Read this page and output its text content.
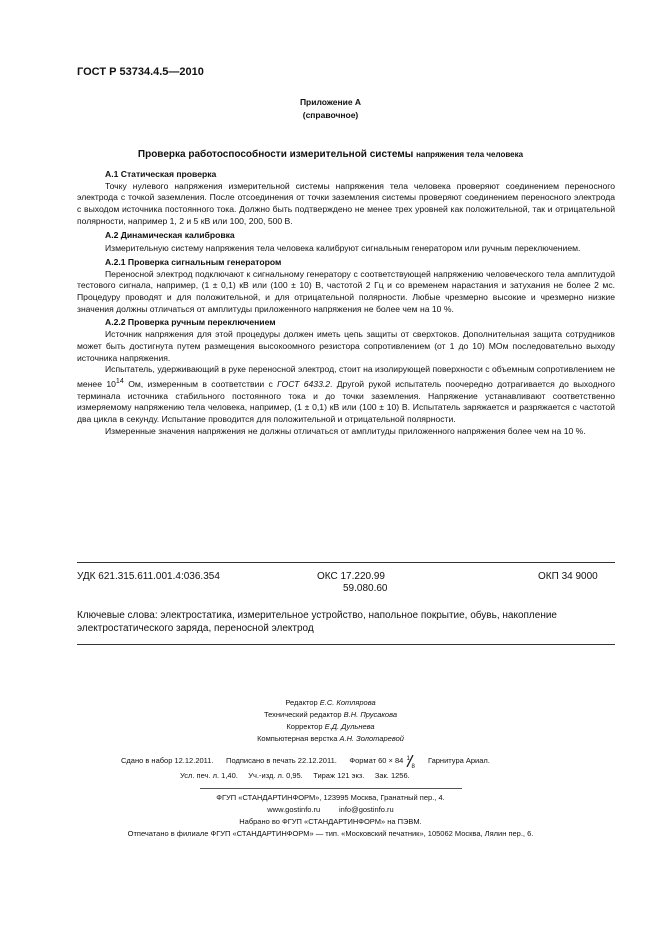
ГОСТ Р 53734.4.5—2010
Приложение А
(справочное)
Проверка работоспособности измерительной системы напряжения тела человека

А.1 Статическая проверка

Точку нулевого напряжения измерительной системы напряжения тела человека проверяют соединением переносного электрода с точкой заземления. После отсоединения от точки заземления системы проверяют соединением переносного электрода с выходом источника постоянного тока. Должно быть подтверждено не менее трех уровней как положительной, так и отрицательной полярности, например 1, 2 и 5 кВ или 100, 200, 500 В.

А.2 Динамическая калибровка

Измерительную систему напряжения тела человека калибруют сигнальным генератором или ручным переключением.

А.2.1 Проверка сигнальным генератором

Переносной электрод подключают к сигнальному генератору с соответствующей напряжению человеческого тела амплитудой тестового сигнала, например, (1 ± 0,1) кВ или (100 ± 10) В, частотой 2 Гц и со временем нарастания и затухания не более 2 мс. Процедуру проводят и для положительной, и для отрицательной полярности. Любые чрезмерно высокие и чрезмерно низкие значения должны отличаться от амплитуды приложенного напряжения не более чем на 10 %.

А.2.2 Проверка ручным переключением

Источник напряжения для этой процедуры должен иметь цепь защиты от сверхтоков. Дополнительная защита сотрудников может быть достигнута путем размещения высокоомного резистора сопротивлением (от 1 до 10) МОм последовательно выходу источника напряжения.

Испытатель, удерживающий в руке переносной электрод, стоит на изолирующей поверхности с объемным сопротивлением не менее $10^{14}$ Ом, измеренным в соответствии с ГОСТ 6433.2. Другой рукой испытатель поочередно дотрагивается до выходного терминала источника стабильного постоянного тока и до точки заземления. Напряжение устанавливают соответственно измеряемому напряжению тела человека, например, (1 ± 0,1) кВ или (100 ± 10) В. Испытатель заряжается и разряжается с частотой два цикла в секунду. Испытание проводится для положительной и отрицательной полярности.

Измеренные значения напряжения не должны отличаться от амплитуды приложенного напряжения более чем на 10 %.

УДК 621.315.611.001.4:036.354	ОКС 17.220.99
59.080.60
ОКП 34 9000
Ключевые слова: электростатика, измерительное устройство, напольное покрытие, обувь, накопление электростатического заряда, переносной электрод
Редактор Е.С. Котлярова
Технический редактор В.Н. Прусакова
Корректор Е.Д. Дульнева
Компьютерная верстка А.Н. Золотаревой
Сдано в набор 12.12.2011. Подписано в печать 22.12.2011. Формат 60 × 84 1
8
Гарнитура Ариал.
Усл. печ. л. 1,40. Уч.-изд. л. 0,95. Тираж 121 экз. Зак. 1256.
ФГУП «СТАНДАРТИНФОРМ», 123995 Москва, Гранатный пер., 4.
www.gostinfo.ru	info@gostinfo.ru
Набрано во ФГУП «СТАНДАРТИНФОРМ» на ПЭВМ.
Отпечатано в филиале ФГУП «СТАНДАРТИНФОРМ» — тип. «Московский печатник», 105062 Москва, Лялин пер., 6.
